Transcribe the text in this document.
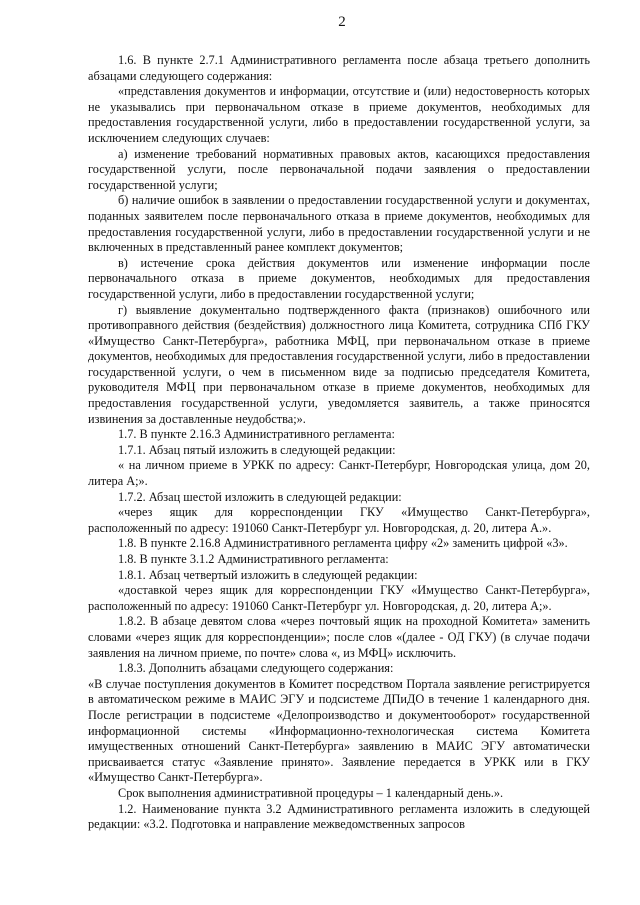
2

1.6. В пункте 2.7.1 Административного регламента после абзаца третьего дополнить абзацами следующего содержания:

«представления документов и информации, отсутствие и (или) недостоверность которых не указывались при первоначальном отказе в приеме документов, необходимых для предоставления государственной услуги, либо в предоставлении государственной услуги, за исключением следующих случаев:

а) изменение требований нормативных правовых актов, касающихся предоставления государственной услуги, после первоначальной подачи заявления о предоставлении государственной услуги;

б) наличие ошибок в заявлении о предоставлении государственной услуги и документах, поданных заявителем после первоначального отказа в приеме документов, необходимых для предоставления государственной услуги, либо в предоставлении государственной услуги и не включенных в представленный ранее комплект документов;

в) истечение срока действия документов или изменение информации после первоначального отказа в приеме документов, необходимых для предоставления государственной услуги, либо в предоставлении государственной услуги;

г) выявление документально подтвержденного факта (признаков) ошибочного или противоправного действия (бездействия) должностного лица Комитета, сотрудника СПб ГКУ «Имущество Санкт-Петербурга», работника МФЦ, при первоначальном отказе в приеме документов, необходимых для предоставления государственной услуги, либо в предоставлении государственной услуги, о чем в письменном виде за подписью председателя Комитета, руководителя МФЦ при первоначальном отказе в приеме документов, необходимых для предоставления государственной услуги, уведомляется заявитель, а также приносятся извинения за доставленные неудобства;».

1.7. В пункте 2.16.3 Административного регламента:

1.7.1. Абзац пятый изложить в следующей редакции:

« на личном приеме в УРКК по адресу: Санкт-Петербург, Новгородская улица, дом 20, литера А;».

1.7.2. Абзац шестой изложить в следующей редакции:

«через ящик для корреспонденции ГКУ «Имущество Санкт-Петербурга», расположенный по адресу: 191060 Санкт-Петербург ул. Новгородская, д. 20, литера А.».

1.8. В пункте 2.16.8 Административного регламента цифру «2» заменить цифрой «3».

1.8. В пункте 3.1.2 Административного регламента:

1.8.1. Абзац четвертый изложить в следующей редакции:

«доставкой через ящик для корреспонденции ГКУ «Имущество Санкт-Петербурга», расположенный по адресу: 191060 Санкт-Петербург ул. Новгородская, д. 20, литера А;».

1.8.2. В абзаце девятом слова «через почтовый ящик на проходной Комитета» заменить словами «через ящик для корреспонденции»; после слов «(далее - ОД ГКУ) (в случае подачи заявления на личном приеме, по почте» слова «, из МФЦ» исключить.

1.8.3. Дополнить абзацами следующего содержания:

«В случае поступления документов в Комитет посредством Портала заявление регистрируется в автоматическом режиме в МАИС ЭГУ и подсистеме ДПиДО в течение 1 календарного дня. После регистрации в подсистеме «Делопроизводство и документооборот» государственной информационной системы «Информационно-технологическая система Комитета имущественных отношений Санкт-Петербурга» заявлению в МАИС ЭГУ автоматически присваивается статус «Заявление принято». Заявление передается в УРКК или в ГКУ «Имущество Санкт-Петербурга».

Срок выполнения административной процедуры – 1 календарный день.».

1.2. Наименование пункта 3.2 Административного регламента изложить в следующей редакции: «3.2. Подготовка и направление межведомственных запросов
